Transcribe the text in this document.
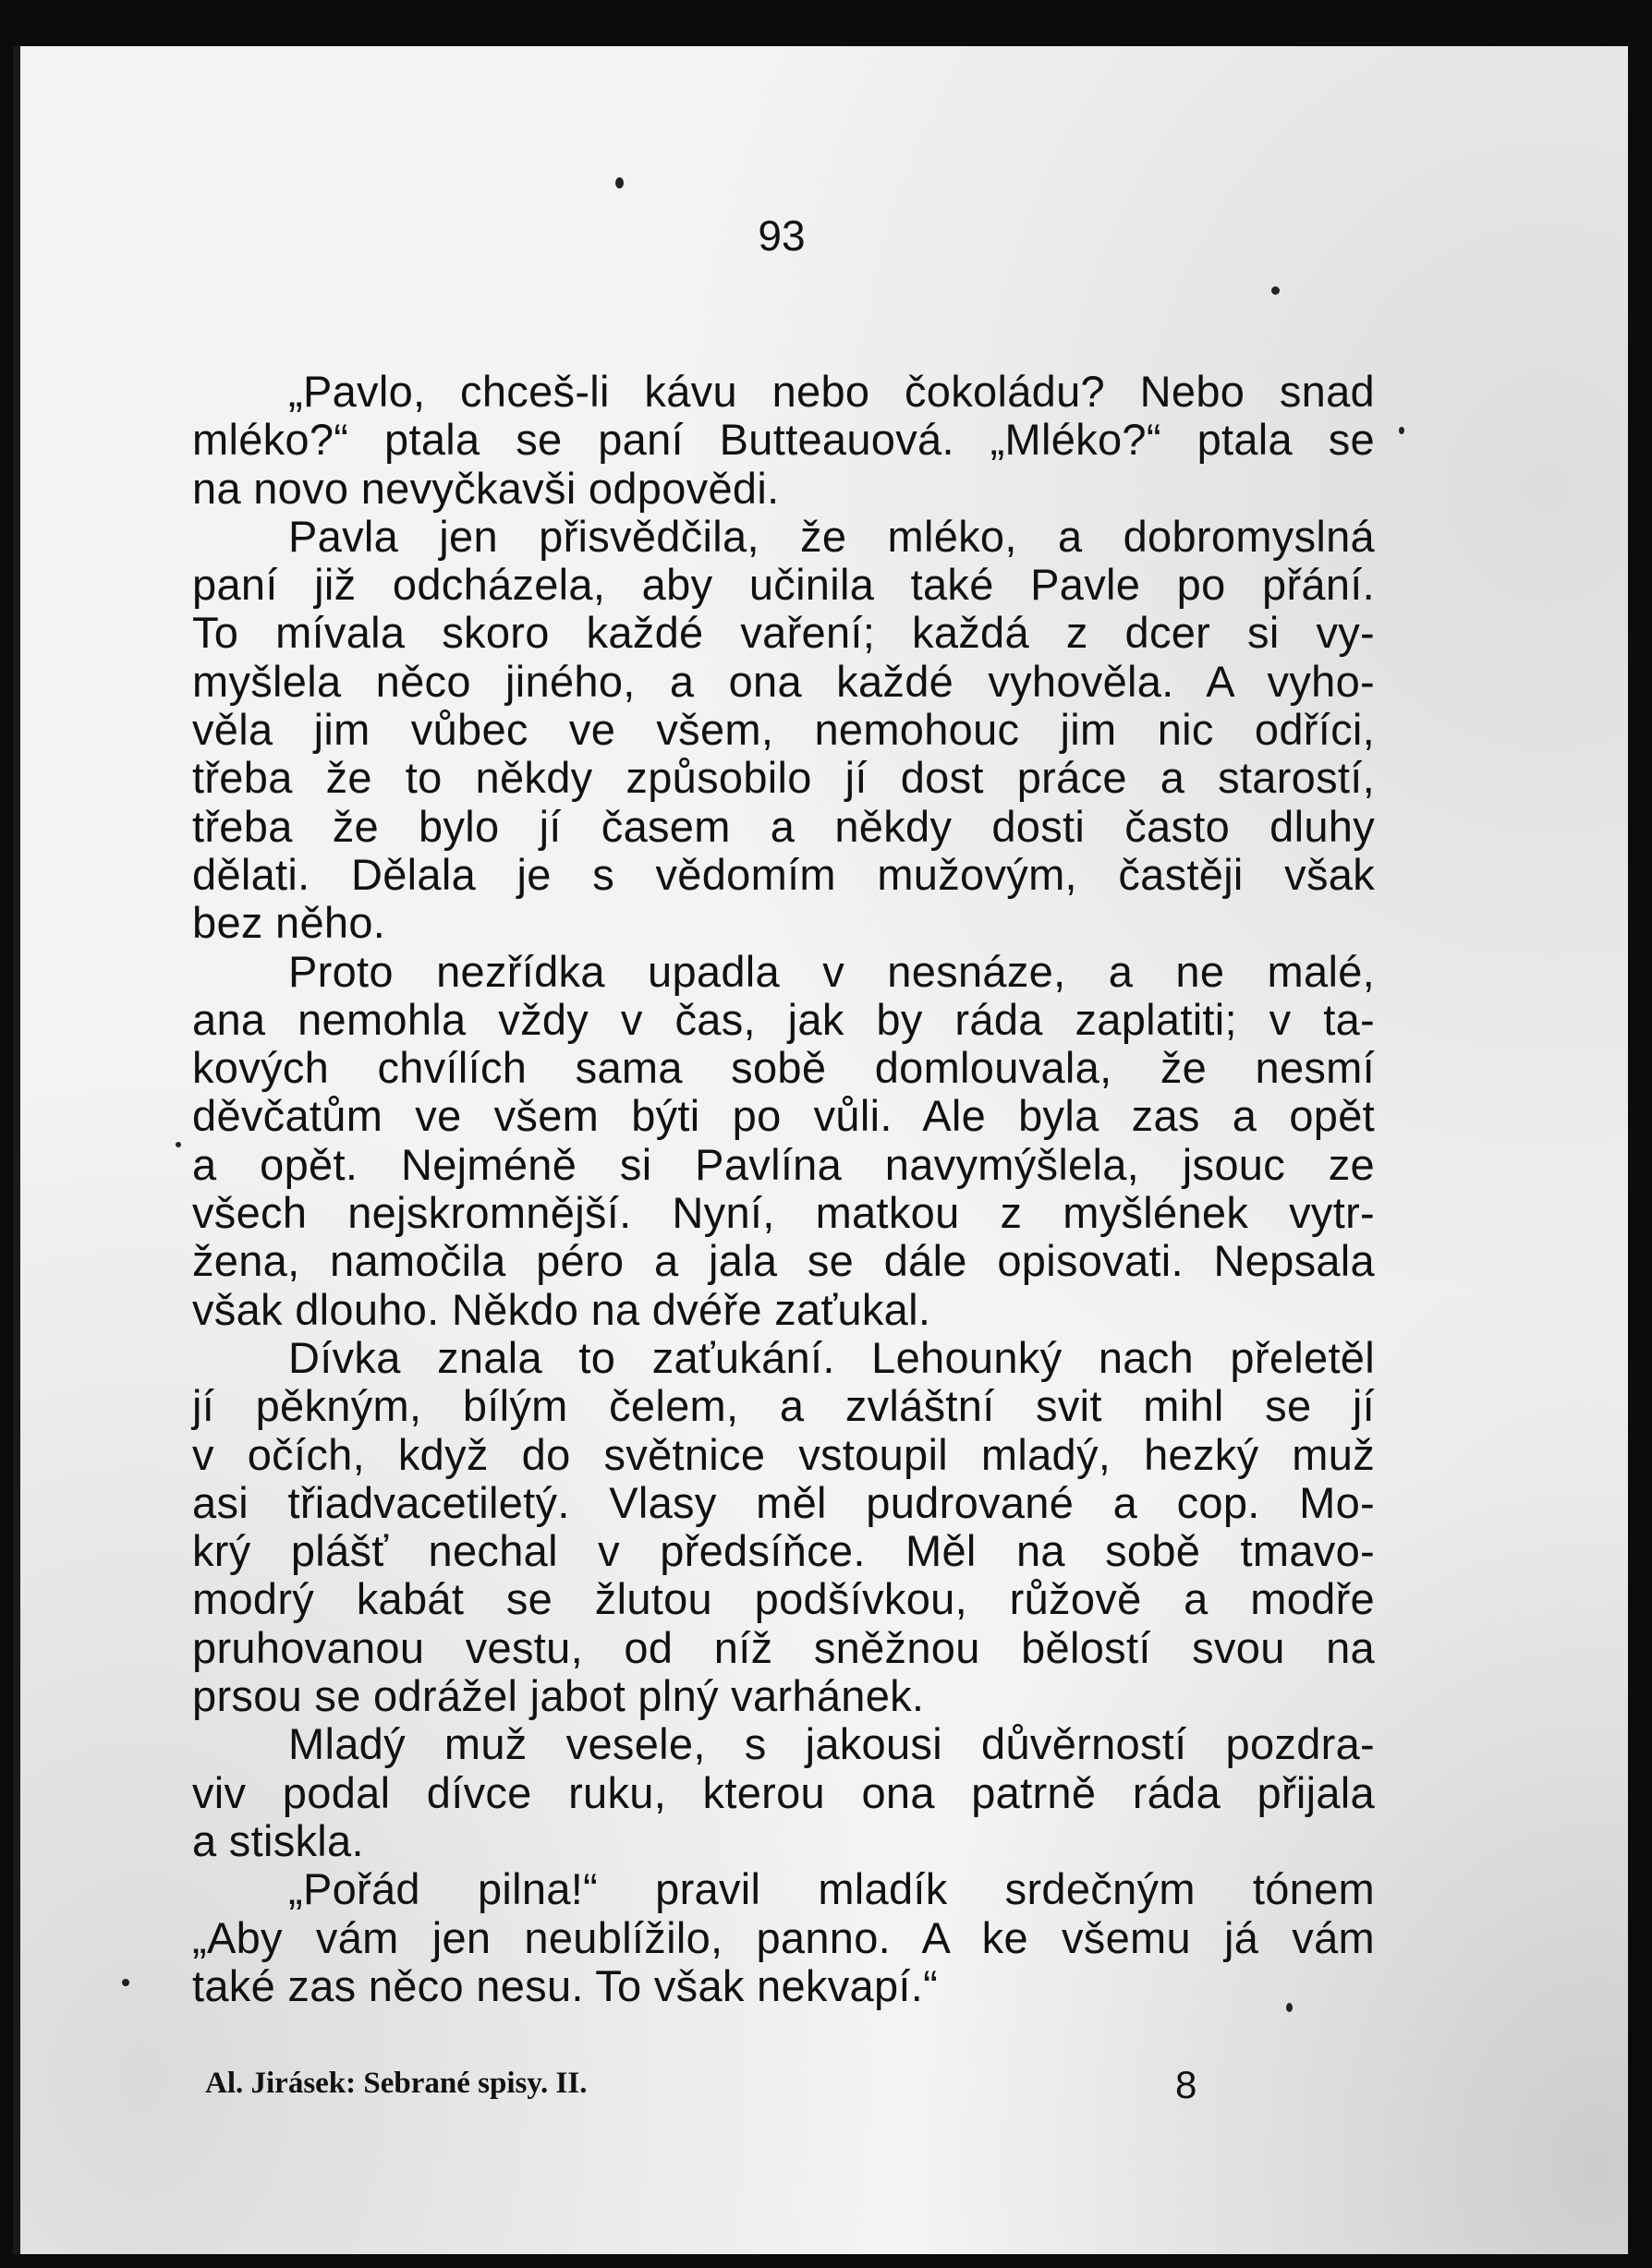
93
„Pavlo, chceš-li kávu nebo čokoládu? Nebo snad
mléko?“ ptala se paní Butteauová. „Mléko?“ ptala se
na novo nevyčkavši odpovědi.
Pavla jen přisvědčila, že mléko, a dobromyslná
paní již odcházela, aby učinila také Pavle po přání.
To mívala skoro každé vaření; každá z dcer si vy-
myšlela něco jiného, a ona každé vyhověla. A vyho-
věla jim vůbec ve všem, nemohouc jim nic odříci,
třeba že to někdy způsobilo jí dost práce a starostí,
třeba že bylo jí časem a někdy dosti často dluhy
dělati. Dělala je s vědomím mužovým, častěji však
bez něho.
Proto nezřídka upadla v nesnáze, a ne malé,
ana nemohla vždy v čas, jak by ráda zaplatiti; v ta-
kových chvílích sama sobě domlouvala, že nesmí
děvčatům ve všem býti po vůli. Ale byla zas a opět
a opět. Nejméně si Pavlína navymýšlela, jsouc ze
všech nejskromnější. Nyní, matkou z myšlének vytr-
žena, namočila péro a jala se dále opisovati. Nepsala
však dlouho. Někdo na dvéře zaťukal.
Dívka znala to zaťukání. Lehounký nach přeletěl
jí pěkným, bílým čelem, a zvláštní svit mihl se jí
v očích, když do světnice vstoupil mladý, hezký muž
asi třiadvacetiletý. Vlasy měl pudrované a cop. Mo-
krý plášť nechal v předsíňce. Měl na sobě tmavo-
modrý kabát se žlutou podšívkou, růžově a modře
pruhovanou vestu, od níž sněžnou bělostí svou na
prsou se odrážel jabot plný varhánek.
Mladý muž vesele, s jakousi důvěrností pozdra-
viv podal dívce ruku, kterou ona patrně ráda přijala
a stiskla.
„Pořád pilna!“ pravil mladík srdečným tónem
„Aby vám jen neublížilo, panno. A ke všemu já vám
také zas něco nesu. To však nekvapí.“
Al. Jirásek: Sebrané spisy. II.	8
